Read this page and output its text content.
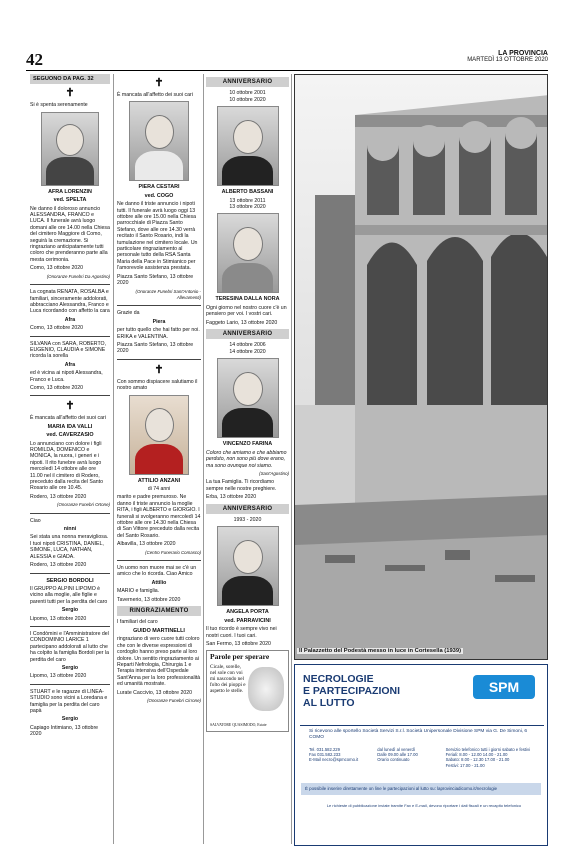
42	LA PROVINCIA
MARTEDÌ 13 OTTOBRE 2020
SEGUONO DA PAG. 32
✝

Si è spenta serenamente

AFRA LORENZIN

ved. SPELTA

Ne danno il doloroso annuncio ALESSANDRA, FRANCO e LUCA. Il funerale avrà luogo domani alle ore 14.00 nella Chiesa del cimitero Maggiore di Como, seguirà la cremazione. Si ringraziano anticipatamente tutti coloro che prenderanno parte alla mesta cerimonia.

Como, 13 ottobre 2020

(Onoranze Funebri Da Agostino)

La cognata RENATA, ROSALBA e familiari, sinceramente addolorati, abbracciano Alessandra, Franco e Luca ricordando con affetto la cara

Afra

Como, 13 ottobre 2020

SILVANA con SARA, ROBERTO, EUGENIO, CLAUDIA e SIMONE ricorda la sorella

Afra

ed è vicina ai nipoti Alessandra, Franco e Luca.

Como, 13 ottobre 2020

✝

È mancata all'affetto dei suoi cari

MARIA IDA VALLI

ved. CAVERZASIO

Lo annunciano con dolore i figli ROMILDA, DOMENICO e MONICA, la nuora, i generi e i nipoti. Il rito funebre avrà luogo mercoledì 14 ottobre alle ore 11.00 nel il cimitero di Rodero, preceduto dalla recita del Santo Rosario alle ore 10.45.

Rodero, 13 ottobre 2020

(Onoranze Funebri Ortone)

Ciao

ninni

Sei stata una nonna meravigliosa. I tuoi nipoti CRISTINA, DANIEL, SIMONE, LUCA, NATHAN, ALESSIA e GIADA.

Rodero, 13 ottobre 2020

SERGIO BORDOLI

Il GRUPPO ALPINI LIPOMO è vicino alla moglie, alle figlie e parenti tutti per la perdita del caro

Sergio

Lipomo, 13 ottobre 2020

I Condòmini e l'Amministratore del CONDOMINIO LARICE 1 partecipano addolorati al lutto che ha colpito la famiglia Bordoli per la perdita del caro

Sergio

Lipomo, 13 ottobre 2020

STUART e le ragazze di LINEA-STUDIO sono vicini a Loredana e famiglia per la perdita del caro papà

Sergio

Capiago Intimiano, 13 ottobre 2020

✝

È mancata all'affetto dei suoi cari

PIERA CESTARI

ved. COGO

Ne danno il triste annuncio i nipoti tutti. Il funerale avrà luogo oggi 13 ottobre alle ore 15.00 nella Chiesa parrocchiale di Piazza Santo Stefano, dove alle ore 14.30 verrà recitato il Santo Rosario, indi la tumulazione nel cimitero locale. Un particolare ringraziamento al personale tutto della RSA Santa Maria della Pace in Stimianico per l'amorevole assistenza prestata.

Piazza Santo Stefano, 13 ottobre 2020

(Onoranze Funebri Sant'Antonio - Allevamenti)

Grazie da

Piera

per tutto quello che hai fatto per noi. ERIKA e VALENTINA.

Piazza Santo Stefano, 13 ottobre 2020

✝

Con sommo dispiacere salutiamo il nostro amato

ATTILIO ANZANI

di 74 anni

marito e padre premuroso. Ne danno il triste annuncio la moglie RITA, i figli ALBERTO e GIORGIO. I funerali si svolgeranno mercoledì 14 ottobre alle ore 14.30 nella Chiesa di San Vittore preceduto dalla recita del Santo Rosario.

Albavilla, 13 ottobre 2020

(Centro Funerario Comasco)

Un uomo non muore mai se c'è un amico che lo ricorda. Ciao Amico

Attilio

MARIO e famiglia.

Tavernerio, 13 ottobre 2020

RINGRAZIAMENTO

I familiari del caro

GUIDO MARTINELLI

ringraziano di vero cuore tutti coloro che con le diverse espressioni di cordoglio hanno preso parte al loro dolore. Un sentito ringraziamento ai Reparti Nefrologia, Chirurgia 1 e Terapia intensiva dell'Ospedale Sant'Anna per la loro professionalità ed umanità mostrate.

Lurate Caccivio, 13 ottobre 2020

(Onoranze Funebri Cirrone)

ANNIVERSARIO

10 ottobre 2001
10 ottobre 2020

ALBERTO BASSANI

13 ottobre 2011
13 ottobre 2020

TERESINA DALLA NORA

Ogni giorno nel nostro cuore c'è un pensiero per voi. I vostri cari.

Faggeto Lario, 13 ottobre 2020

ANNIVERSARIO

14 ottobre 2006
14 ottobre 2020

VINCENZO FARINA

Coloro che amiamo e che abbiamo perduto, non sono più dove erano, ma sono ovunque noi siamo.

(Sant'Agostino)

La tua Famiglia. Ti ricordiamo sempre nelle nostre preghiere.

Erba, 13 ottobre 2020

ANNIVERSARIO

1993 - 2020

ANGELA PORTA

ved. PARRAVICINI

Il tuo ricordo è sempre vivo nei nostri cuori. I tuoi cari.

San Fermo, 13 ottobre 2020

Parole per sperare
Cicale, sorelle, nel sole con voi mi nascondo nel folto dei pioppi e aspetto le stelle.
SALVATORE QUASIMODO, Estate
Il Palazzetto del Podestà messo in luce in Cortesella (1939)
NECROLOGIE
E PARTECIPAZIONI
AL LUTTO
SPM
Si ricevono alle sportello Società Servizi S.r.l. Società Unipersonale Divisione SPM via G. De Simoni, 6 COMO
Tel. 031.582.229
Fax 031.582.233
E-Mail necro@spmcomo.it
dal lunedì al venerdì
Dalle 09.00 alle 17.00
Orario continuato
Servizio telefonico tutti i giorni sabato e festivi
Feriali: 8.00 - 12.00 14.00 - 21.00
Sabato: 8.00 - 12.30 17.00 - 21.00
Festivi: 17.00 - 21.00
È possibile inserire direttamente on line le partecipazioni al lutto su: laprovinciadicomo.it/necrologie
Le richieste di pubblicazione inviate tramite Fax e E-mail, devono riportare i dati fiscali e un recapito telefonico
